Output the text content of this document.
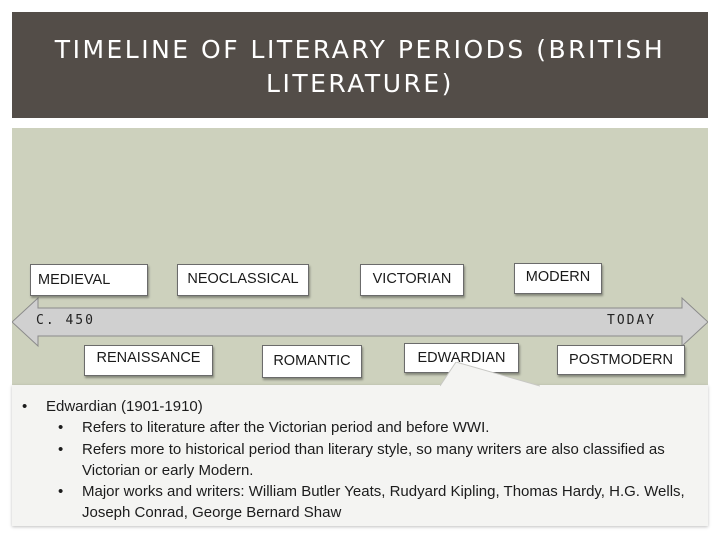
TIMELINE OF LITERARY PERIODS (BRITISH LITERATURE)
C. 450	TODAY
MEDIEVAL	NEOCLASSICAL	VICTORIAN	MODERN
RENAISSANCE	ROMANTIC	EDWARDIAN	POSTMODERN
• Edwardian (1901-1910)
• Refers to literature after the Victorian period and before WWI.
• Refers more to historical period than literary style, so many writers are also classified as Victorian or early Modern.
• Major works and writers: William Butler Yeats, Rudyard Kipling, Thomas Hardy, H.G. Wells, Joseph Conrad, George Bernard Shaw
